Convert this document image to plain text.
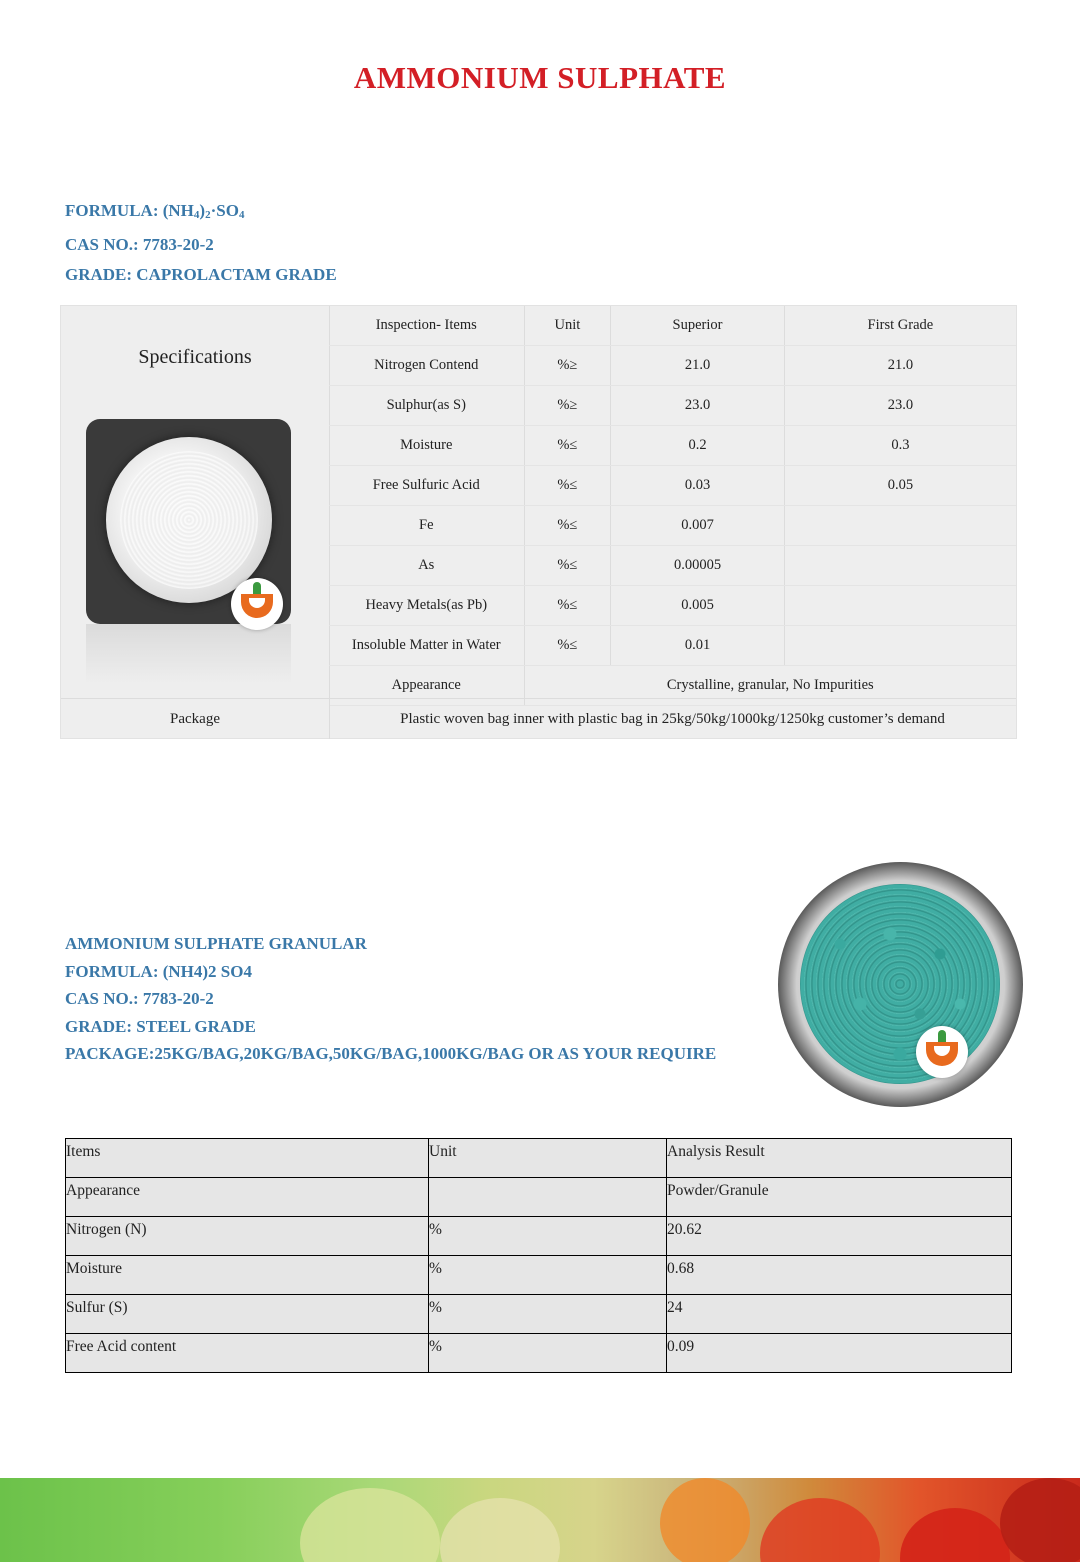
AMMONIUM SULPHATE
FORMULA: $(NH_4)_2\cdot SO_4$
CAS NO.: 7783-20-2
GRADE: CAPROLACTAM GRADE
Specifications
Inspection- Items	Unit	Superior	First Grade
Nitrogen Contend	%≥	21.0	21.0
Sulphur(as S)	%≥	23.0	23.0
Moisture	%≤	0.2	0.3
Free Sulfuric Acid	%≤	0.03	0.05
Fe	%≤	0.007	
As	%≤	0.00005	
Heavy Metals(as Pb)	%≤	0.005	
Insoluble Matter in Water	%≤	0.01	
Appearance	Crystalline, granular, No Impurities		
Package	Plastic woven bag inner with plastic bag in 25kg/50kg/1000kg/1250kg customer’s demand
AMMONIUM SULPHATE GRANULAR
FORMULA: (NH4)2 SO4
CAS NO.: 7783-20-2
GRADE: STEEL GRADE
PACKAGE:25KG/BAG,20KG/BAG,50KG/BAG,1000KG/BAG OR AS YOUR REQUIRE
Items	Unit	Analysis Result
Appearance		Powder/Granule
Nitrogen (N)	%	20.62
Moisture	%	0.68
Sulfur (S)	%	24
Free Acid content	%	0.09
